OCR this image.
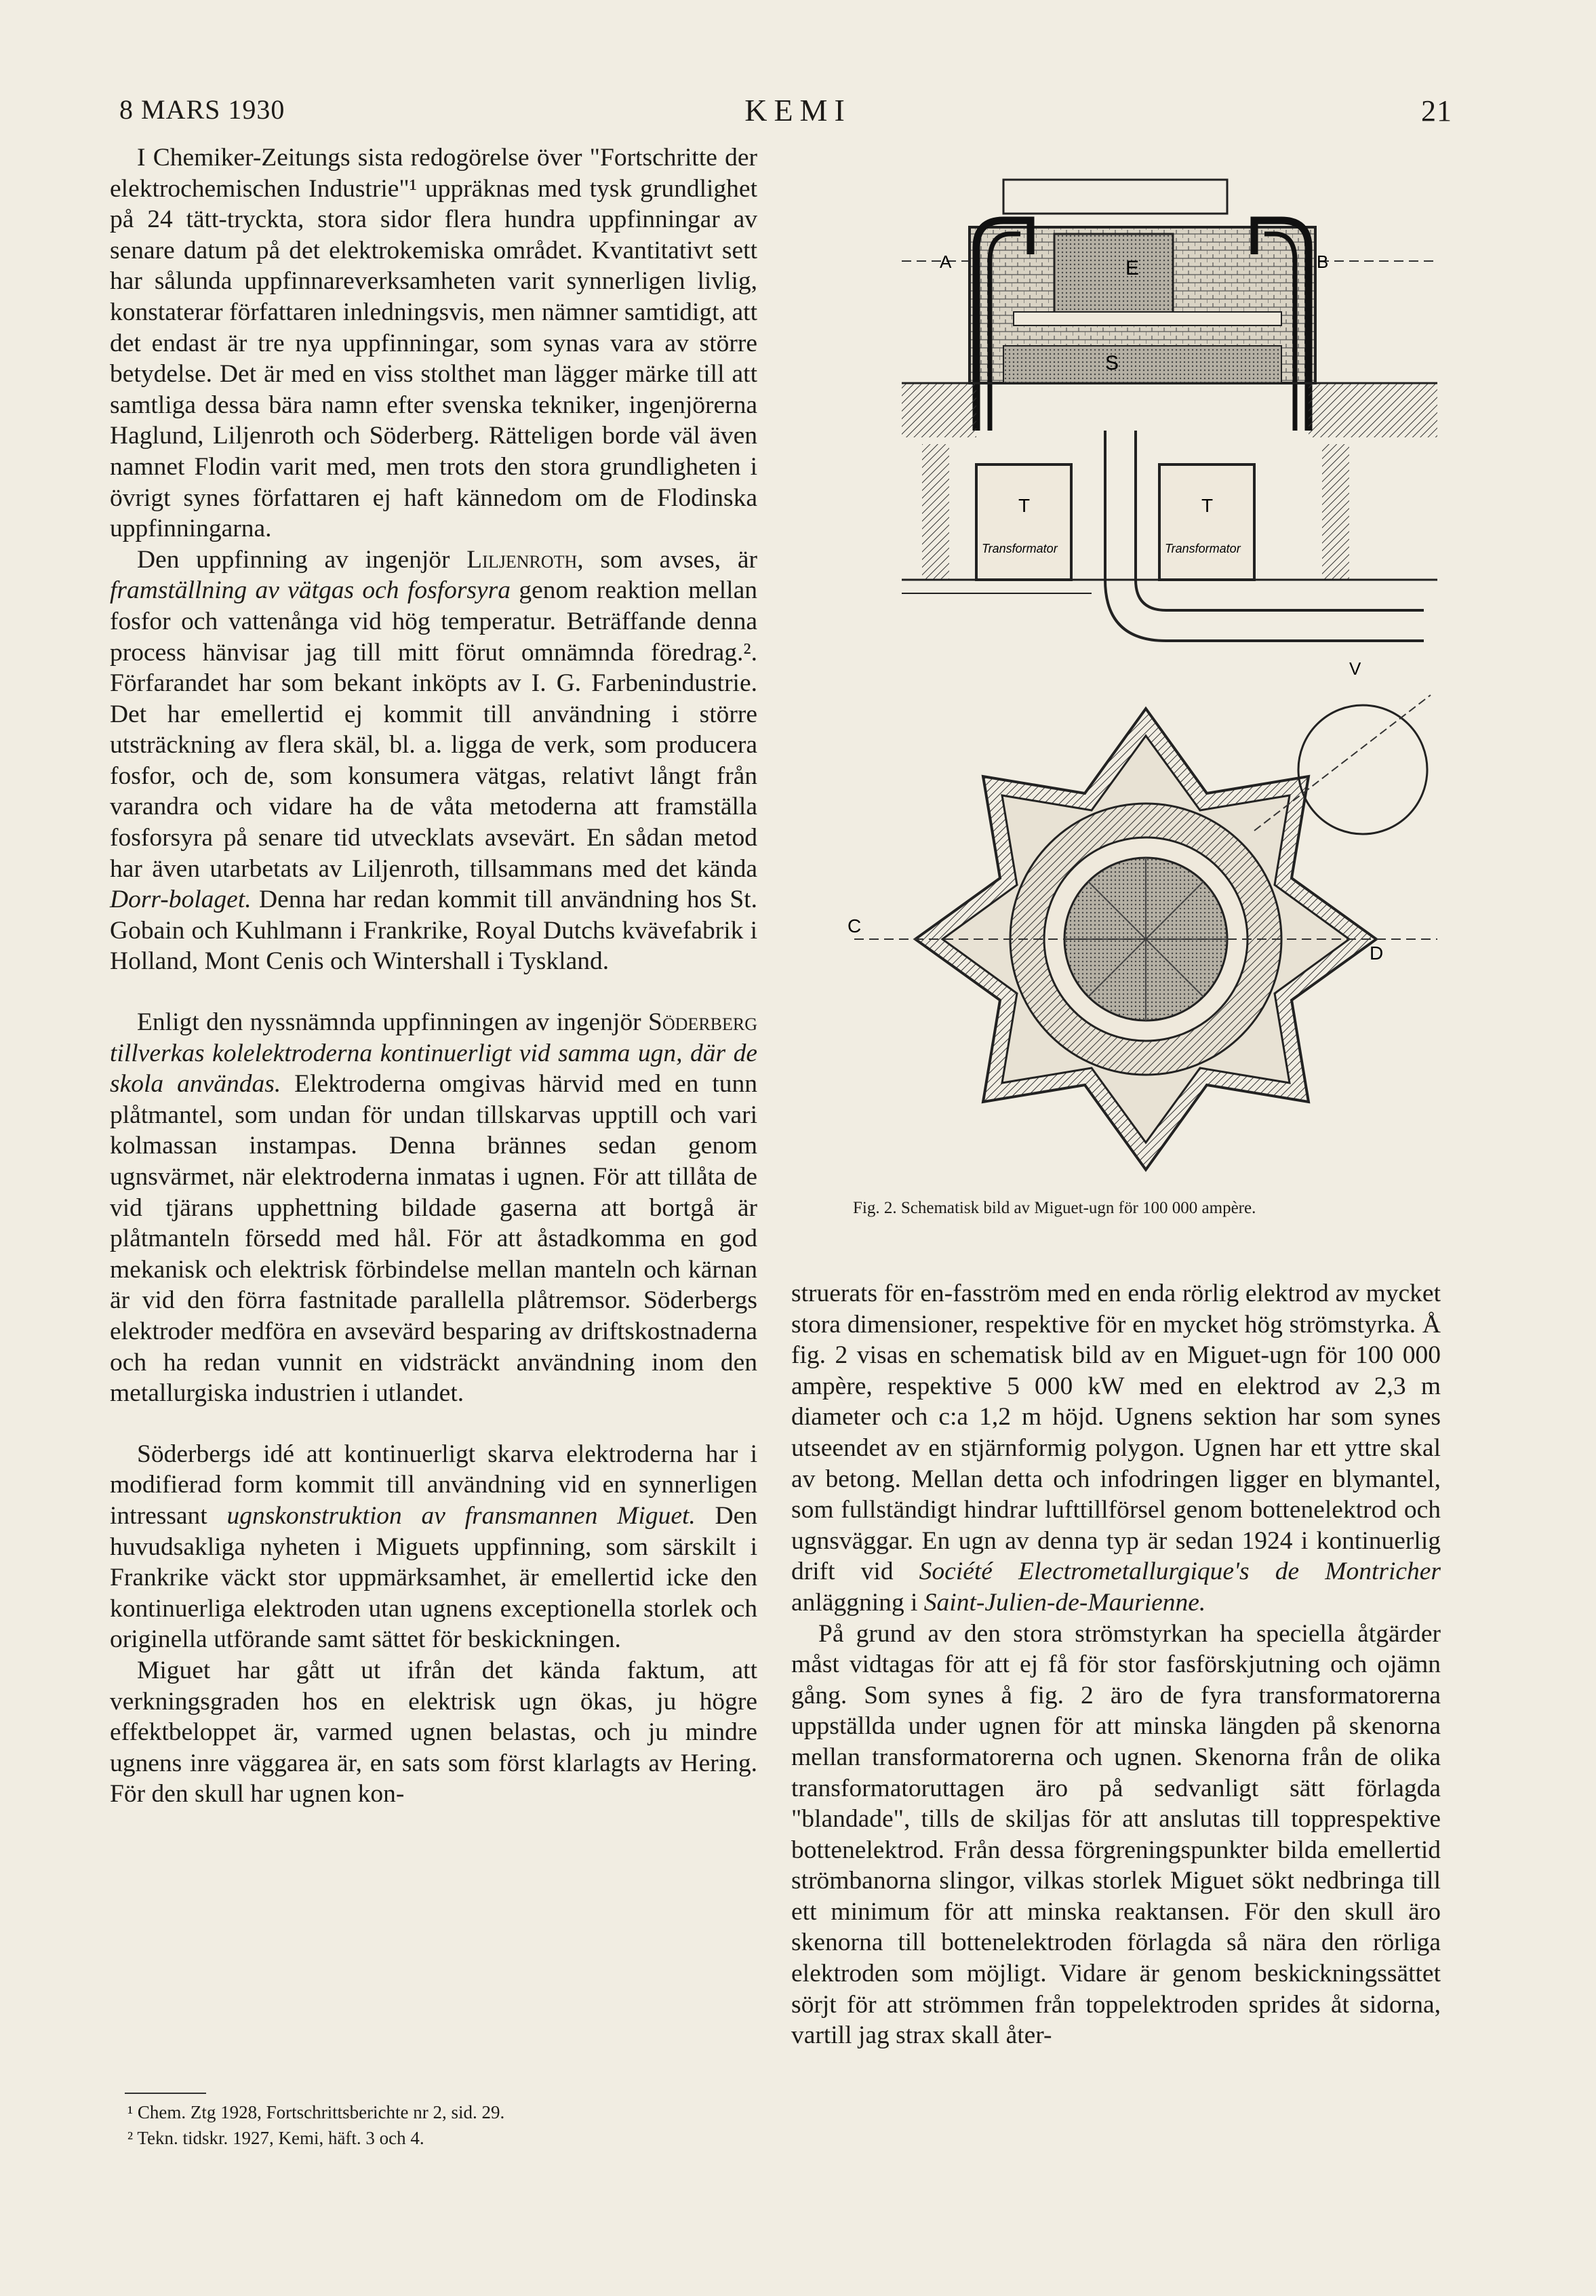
8 MARS 1930	KEMI	21

I Chemiker-Zeitungs sista redogörelse över "Fortschritte der elektrochemischen Industrie"¹ uppräknas med tysk grundlighet på 24 tätt-tryckta, stora sidor flera hundra uppfinningar av senare datum på det elektrokemiska området. Kvantitativt sett har sålunda uppfinnareverksamheten varit synnerligen livlig, konstaterar författaren inledningsvis, men nämner samtidigt, att det endast är tre nya uppfinningar, som synas vara av större betydelse. Det är med en viss stolthet man lägger märke till att samtliga dessa bära namn efter svenska tekniker, ingenjörerna Haglund, Liljenroth och Söderberg. Rätteligen borde väl även namnet Flodin varit med, men trots den stora grundligheten i övrigt synes författaren ej haft kännedom om de Flodinska uppfinningarna.

Den uppfinning av ingenjör Liljenroth, som avses, är framställning av vätgas och fosforsyra genom reaktion mellan fosfor och vattenånga vid hög temperatur. Beträffande denna process hänvisar jag till mitt förut omnämnda föredrag.². Förfarandet har som bekant inköpts av I. G. Farbenindustrie. Det har emellertid ej kommit till användning i större utsträckning av flera skäl, bl. a. ligga de verk, som producera fosfor, och de, som konsumera vätgas, relativt långt från varandra och vidare ha de våta metoderna att framställa fosforsyra på senare tid utvecklats avsevärt. En sådan metod har även utarbetats av Liljenroth, tillsammans med det kända Dorr-bolaget. Denna har redan kommit till användning hos St. Gobain och Kuhlmann i Frankrike, Royal Dutchs kvävefabrik i Holland, Mont Cenis och Wintershall i Tyskland.

Enligt den nyssnämnda uppfinningen av ingenjör Söderberg tillverkas kolelektroderna kontinuerligt vid samma ugn, där de skola användas. Elektroderna omgivas härvid med en tunn plåtmantel, som undan för undan tillskarvas upptill och vari kolmassan instampas. Denna brännes sedan genom ugnsvärmet, när elektroderna inmatas i ugnen. För att tillåta de vid tjärans upphettning bildade gaserna att bortgå är plåtmanteln försedd med hål. För att åstadkomma en god mekanisk och elektrisk förbindelse mellan manteln och kärnan är vid den förra fastnitade parallella plåtremsor. Söderbergs elektroder medföra en avsevärd besparing av driftskostnaderna och ha redan vunnit en vidsträckt användning inom den metallurgiska industrien i utlandet.

Söderbergs idé att kontinuerligt skarva elektroderna har i modifierad form kommit till användning vid en synnerligen intressant ugnskonstruktion av fransmannen Miguet. Den huvudsakliga nyheten i Miguets uppfinning, som särskilt i Frankrike väckt stor uppmärksamhet, är emellertid icke den kontinuerliga elektroden utan ugnens exceptionella storlek och originella utförande samt sättet för beskickningen.

Miguet har gått ut ifrån det kända faktum, att verkningsgraden hos en elektrisk ugn ökas, ju högre effektbeloppet är, varmed ugnen belastas, och ju mindre ugnens inre väggarea är, en sats som först klarlagts av Hering. För den skull har ugnen kon-

¹ Chem. Ztg 1928, Fortschrittsberichte nr 2, sid. 29.
² Tekn. tidskr. 1927, Kemi, häft. 3 och 4.

struerats för en-fasström med en enda rörlig elektrod av mycket stora dimensioner, respektive för en mycket hög strömstyrka. Å fig. 2 visas en schematisk bild av en Miguet-ugn för 100 000 ampère, respektive 5 000 kW med en elektrod av 2,3 m diameter och c:a 1,2 m höjd. Ugnens sektion har som synes utseendet av en stjärnformig polygon. Ugnen har ett yttre skal av betong. Mellan detta och infodringen ligger en blymantel, som fullständigt hindrar lufttillförsel genom bottenelektrod och ugnsväggar. En ugn av denna typ är sedan 1924 i kontinuerlig drift vid Société Electrometallurgique's de Montricher anläggning i Saint-Julien-de-Maurienne.

På grund av den stora strömstyrkan ha speciella åtgärder måst vidtagas för att ej få för stor fasförskjutning och ojämn gång. Som synes å fig. 2 äro de fyra transformatorerna uppställda under ugnen för att minska längden på skenorna mellan transformatorerna och ugnen. Skenorna från de olika transformatoruttagen äro på sedvanligt sätt förlagda "blandade", tills de skiljas för att anslutas till topprespektive bottenelektrod. Från dessa förgreningspunkter bilda emellertid strömbanorna slingor, vilkas storlek Miguet sökt nedbringa till ett minimum för att minska reaktansen. För den skull äro skenorna till bottenelektroden förlagda så nära den rörliga elektroden som möjligt. Vidare är genom beskickningssättet sörjt för att strömmen från toppelektroden sprides åt sidorna, vartill jag strax skall åter-

A	B
E
S
T	T
Transformator	Transformator
V
C
D
Fig. 2. Schematisk bild av Miguet-ugn för 100 000 ampère.
